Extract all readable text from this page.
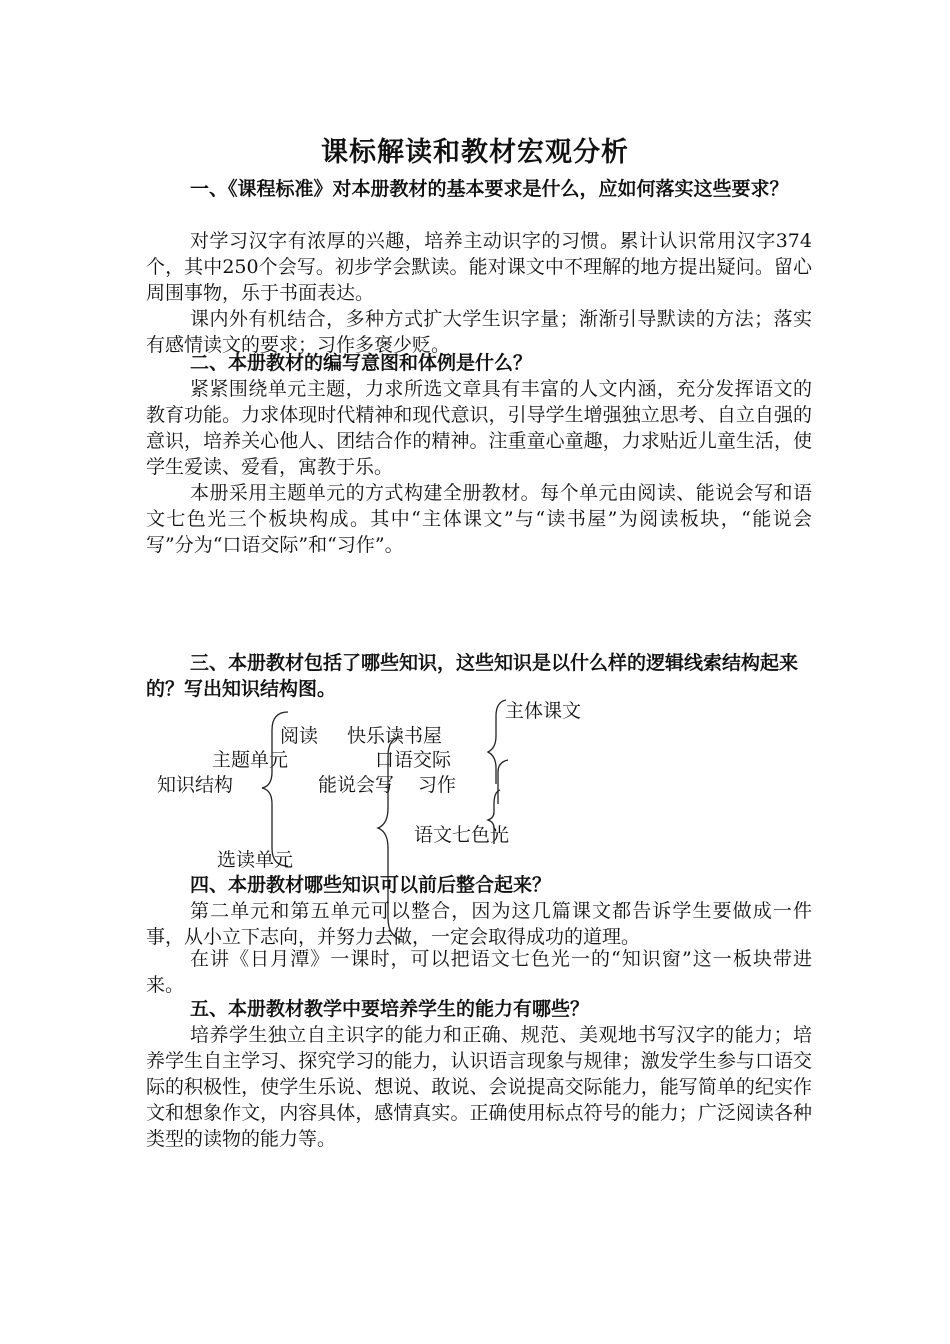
课标解读和教材宏观分析
一、《课程标准》对本册教材的基本要求是什么，应如何落实这些要求？
对学习汉字有浓厚的兴趣，培养主动识字的习惯。累计认识常用汉字374个，其中250个会写。初步学会默读。能对课文中不理解的地方提出疑问。留心周围事物，乐于书面表达。
课内外有机结合，多种方式扩大学生识字量；渐渐引导默读的方法；落实有感情读文的要求；习作多褒少贬。
二、本册教材的编写意图和体例是什么？
紧紧围绕单元主题，力求所选文章具有丰富的人文内涵，充分发挥语文的教育功能。力求体现时代精神和现代意识，引导学生增强独立思考、自立自强的意识，培养关心他人、团结合作的精神。注重童心童趣，力求贴近儿童生活，使学生爱读、爱看，寓教于乐。
本册采用主题单元的方式构建全册教材。每个单元由阅读、能说会写和语文七色光三个板块构成。其中“主体课文”与“读书屋”为阅读板块，“能说会写”分为“口语交际”和“习作”。
三、本册教材包括了哪些知识，这些知识是以什么样的逻辑线索结构起来的？写出知识结构图。
知识结构
主题单元
选读单元
阅读 快乐读书屋
主体课文
能说会写
口语交际
习作
语文七色光
四、本册教材哪些知识可以前后整合起来？
第二单元和第五单元可以整合，因为这几篇课文都告诉学生要做成一件事，从小立下志向，并努力去做，一定会取得成功的道理。
在讲《日月潭》一课时，可以把语文七色光一的“知识窗”这一板块带进来。
五、本册教材教学中要培养学生的能力有哪些？
培养学生独立自主识字的能力和正确、规范、美观地书写汉字的能力；培养学生自主学习、探究学习的能力，认识语言现象与规律；激发学生参与口语交际的积极性，使学生乐说、想说、敢说、会说提高交际能力，能写简单的纪实作文和想象作文，内容具体，感情真实。正确使用标点符号的能力；广泛阅读各种类型的读物的能力等。
